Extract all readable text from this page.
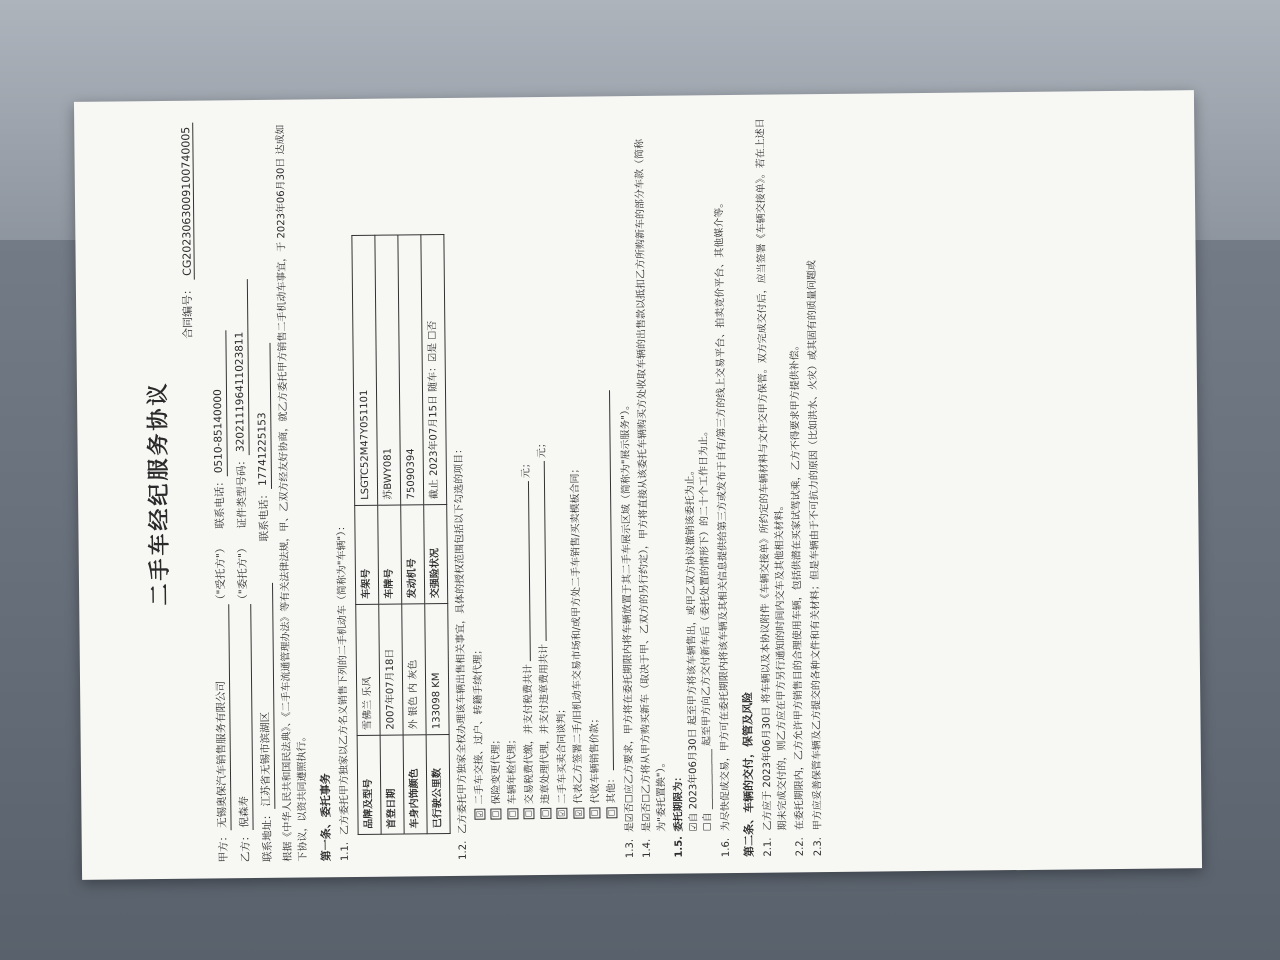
二手车经纪服务协议
合同编号：CG20230630091007400​05
甲方：
无锡奥保汽车销售服务有限公司
（"受托方"）
联系电话：
0510-85140000
乙方：
倪森寿
（"委托方"）
证件类型号码：
320211196411023811
联系地址：
江苏省无锡市滨湖区
联系电话：
17741225153 根据《中华人民共和国民法典》、《二手车流通管理办法》等有关法律法规，甲、乙双方经友好协商，就乙方委托甲方销售二手机动车事宜，于 2023年06月30日 达成如下协议，以资共同遵照执行。 第一条、委托事务 1.1.
乙方委托甲方独家以乙方名义销售下列的二手机动车（简称为"车辆"）： 品牌及型号	雪佛兰 乐风	车架号	LSGTC52M47Y051101
首登日期	2007年07月18日	车牌号	苏BWY081
车身内饰颜色	外 银色 内 灰色	发动机号	75090394
已行驶公里数	133098 KM	交强险状况	截止 2023年07月15日 随车：☑是 ☐否
1.2.
乙方委托甲方独家全权办理该车辆出售相关事宜，具体的授权范围包括以下勾选的项目： ☑二手车交接、过户、转籍手续代理；
☐保险变更代理；
☐车辆年检代理；
☐交易税费代缴，并支付税费共计元；
☐违章处理代理，并支付违章费用共计元；
☑二手车买卖合同谈判；
☑代表乙方签署二手/旧机动车交易市场和/或甲方处二手车销售/买卖模板合同；
☐代收车辆销售价款；
☐其他：
1.3.
是☑否☐应乙方要求，甲方将在委托期限内将车辆放置于其二手车展示区域（简称为"展示服务"）。
1.4.
是☑否☐乙方将从甲方购买新车（取决于甲、乙双方的另行约定），甲方将直接从该委托车辆购买方处收取车辆的出售款以抵扣乙方所购新车的部分车款（简称为"委托置换"）。
1.5.
委托期限为：
☑自 2023年06月30日 起至甲方将该车辆售出，或甲乙双方协议撤销该委托为止。
☐自 ____________ 起至甲方向乙方交付新车后（委托处置的情形下）的二十个工作日为止。
1.6.
为尽快促成交易，甲方可在委托期限内将该车辆及其相关信息提供给第三方或发布于自有/第三方的线上交易平台、拍卖竞价平台、其他媒介等。 第二条、车辆的交付，保管及风险 2.1.
乙方应于 2023年06月30日 将车辆以及本协议附件《车辆交接单》所约定的车辆材料与文件交甲方保管。双方完成交付后，应当签署《车辆交接单》。若在上述日期未完成交付的，则乙方应在甲方另行通知的时间内交车及其他相关材料。
2.2.
在委托期限内，乙方允许甲方销售目的合理使用车辆，包括供潜在买家试驾试乘，乙方不得要求甲方提供补偿。
2.3.
甲方应妥善保管车辆及乙方提交的各种文件和有关材料；但是车辆由于不可抗力的原因（比如洪水、火灾）或其固有的质量问题或
